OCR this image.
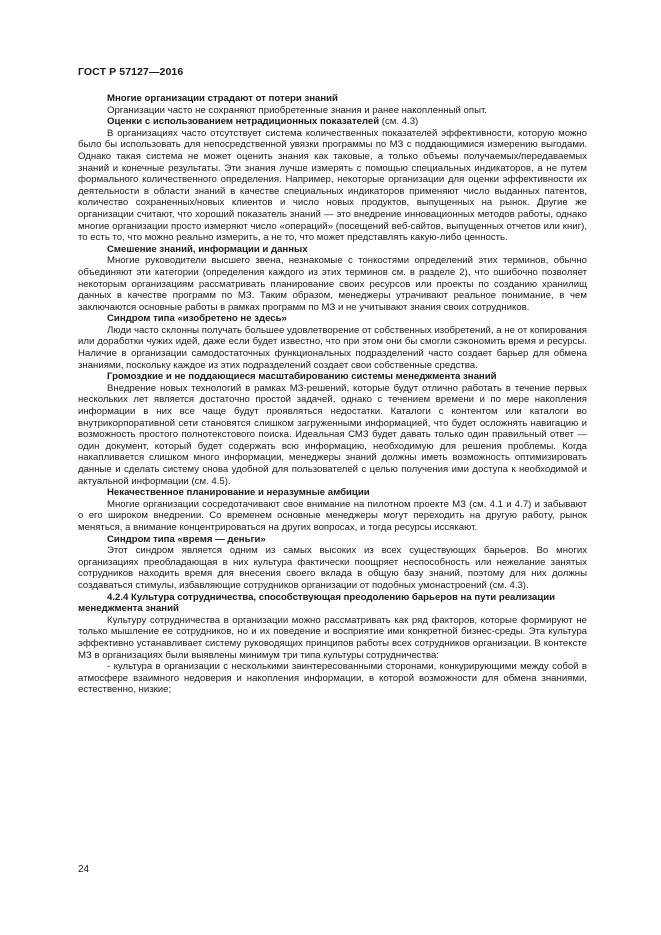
ГОСТ Р 57127—2016

Многие организации страдают от потери знаний

Организации часто не сохраняют приобретенные знания и ранее накопленный опыт.

Оценки с использованием нетрадиционных показателей (см. 4.3)

В организациях часто отсутствует система количественных показателей эффективности, которую можно было бы использовать для непосредственной увязки программы по МЗ с поддающимися измерению выгодами. Однако такая система не может оценить знания как таковые, а только объемы получаемых/передаваемых знаний и конечные результаты. Эти знания лучше измерять с помощью специальных индикаторов, а не путем формального количественного определения. Например, некоторые организации для оценки эффективности их деятельности в области знаний в качестве специальных индикаторов применяют число выданных патентов, количество сохраненных/новых клиентов и число новых продуктов, выпущенных на рынок. Другие же организации считают, что хороший показатель знаний — это внедрение инновационных методов работы, однако многие организации просто измеряют число «операций» (посещений веб-сайтов, выпущенных отчетов или книг), то есть то, что можно реально измерить, а не то, что может представлять какую-либо ценность.

Смешение знаний, информации и данных

Многие руководители высшего звена, незнакомые с тонкостями определений этих терминов, обычно объединяют эти категории (определения каждого из этих терминов см. в разделе 2), что ошибочно позволяет некоторым организациям рассматривать планирование своих ресурсов или проекты по созданию хранилищ данных в качестве программ по МЗ. Таким образом, менеджеры утрачивают реальное понимание, в чем заключаются основные работы в рамках программ по МЗ и не учитывают знания своих сотрудников.

Синдром типа «изобретено не здесь»

Люди часто склонны получать большее удовлетворение от собственных изобретений, а не от копирования или доработки чужих идей, даже если будет известно, что при этом они бы смогли сэкономить время и ресурсы. Наличие в организации самодостаточных функциональных подразделений часто создает барьер для обмена знаниями, поскольку каждое из этих подразделений создает свои собственные средства.

Громоздкие и не поддающиеся масштабированию системы менеджмента знаний

Внедрение новых технологий в рамках МЗ-решений, которые будут отлично работать в течение первых нескольких лет является достаточно простой задачей, однако с течением времени и по мере накопления информации в них все чаще будут проявляться недостатки. Каталоги с контентом или каталоги во внутрикорпоративной сети становятся слишком загруженными информацией, что будет осложнять навигацию и возможность простого полнотекстового поиска. Идеальная СМЗ будет давать только один правильный ответ — один документ, который будет содержать всю информацию, необходимую для решения проблемы. Когда накапливается слишком много информации, менеджеры знаний должны иметь возможность оптимизировать данные и сделать систему снова удобной для пользователей с целью получения ими доступа к необходимой и актуальной информации (см. 4.5).

Некачественное планирование и неразумные амбиции

Многие организации сосредотачивают свое внимание на пилотном проекте МЗ (см. 4.1 и 4.7) и забывают о его широком внедрении. Со временем основные менеджеры могут переходить на другую работу, рынок меняться, а внимание концентрироваться на других вопросах, и тогда ресурсы иссякают.

Синдром типа «время — деньги»

Этот синдром является одним из самых высоких из всех существующих барьеров. Во многих организациях преобладающая в них культура фактически поощряет неспособность или нежелание занятых сотрудников находить время для внесения своего вклада в общую базу знаний, поэтому для них должны создаваться стимулы, избавляющие сотрудников организации от подобных умонастроений (см. 4.3).

4.2.4 Культура сотрудничества, способствующая преодолению барьеров на пути реализации менеджмента знаний

Культуру сотрудничества в организации можно рассматривать как ряд факторов, которые формируют не только мышление ее сотрудников, но и их поведение и восприятие ими конкретной бизнес-среды. Эта культура эффективно устанавливает систему руководящих принципов работы всех сотрудников организации. В контексте МЗ в организациях были выявлены минимум три типа культуры сотрудничества:

- культура в организации с несколькими заинтересованными сторонами, конкурирующими между собой в атмосфере взаимного недоверия и накопления информации, в которой возможности для обмена знаниями, естественно, низкие;

24
